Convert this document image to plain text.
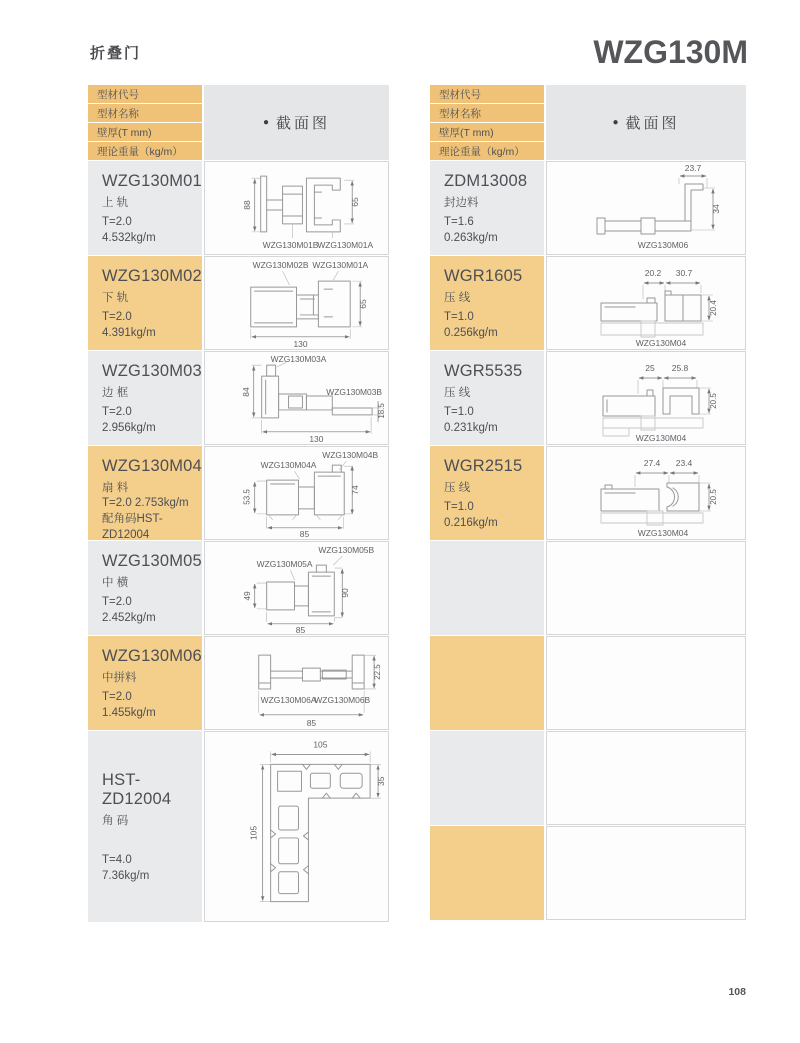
折叠门	WZG130M
型材代号
型材名称
壁厚(T mm)
理论重量（kg/m）
● 截面图
WZG130M01
上 轨
T=2.0
4.532kg/m
88	65
WZG130M01B
WZG130M01A
WZG130M02
下 轨
T=2.0
4.391kg/m
WZG130M02B WZG130M01A
65
130
WZG130M03
边 框
T=2.0
2.956kg/m
WZG130M03A
84	WZG130M03B
18.5
130
WZG130M04
扇 料
T=2.0 2.753kg/m
配角码HST-ZD12004
WZG130M04A
WZG130M04B
53.5	74
85
WZG130M05
中 横
T=2.0
2.452kg/m
WZG130M05A
WZG130M05B
49	90
85
WZG130M06
中拼料
T=2.0
1.455kg/m
22.5
WZG130M06A
WZG130M06B
85
HST-ZD12004
角 码
T=4.0
7.36kg/m
105
35
105
型材代号
型材名称
壁厚(T mm)
理论重量（kg/m）
● 截面图
ZDM13008
封边料
T=1.6
0.263kg/m
23.7
34
WZG130M06
WGR1605
压 线
T=1.0
0.256kg/m
20.2 30.7
20.4
WZG130M04
WGR5535
压 线
T=1.0
0.231kg/m
25 25.8
20.5
WZG130M04
WGR2515
压 线
T=1.0
0.216kg/m
27.4 23.4
20.5
WZG130M04
108
